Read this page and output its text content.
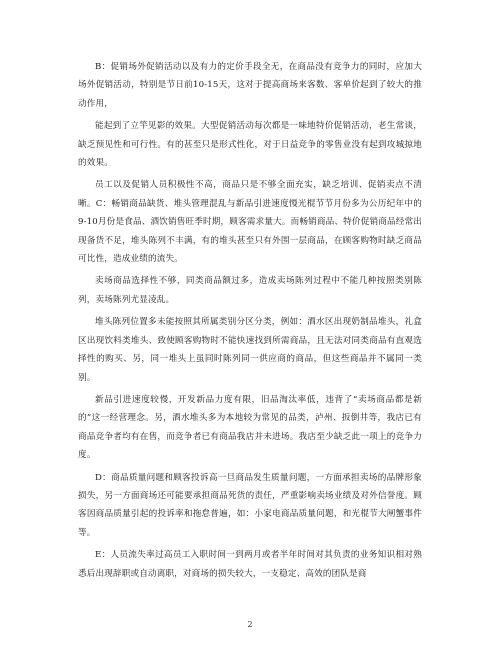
B：促销场外促销活动以及有力的定价手段全无，在商品没有竞争力的同时，应加大场外促销活动，特别是节日前10-15天，这对于提高商场来客数、客单价起到了较大的推动作用，

能起到了立竿见影的效果。大型促销活动每次都是一味地特价促销活动，老生常谈，缺乏预见性和可行性。有的甚至只是形式性化，对于日益竞争的零售业没有起到攻城掠地的效果。

员工以及促销人员积极性不高，商品只是不够全面充实，缺乏培训、促销卖点不清晰。C：畅销商品缺货、堆头管理混乱与新品引进速度慢光棍节节月份多为公历纪年中的9-10月份是食品、酒饮销售旺季时期，顾客需求量大。而畅销商品、特价促销商品经常出现备货不足，堆头陈列不丰满，有的堆头甚至只有外围一层商品，在顾客购物时缺乏商品可比性，造成业绩的流失。

卖场商品选择性不够，同类商品额过多，造成卖场陈列过程中不能几种按照类别陈列，卖场陈列尤显凌乱。

堆头陈列位置多未能按照其所属类别分区分类，例如：酒水区出现奶制品堆头，礼盒区出现饮料类堆头、致使顾客购物时不能快速找到所需商品，且无法对同类商品有直观选择性的购买、另，同一堆头上虽同时陈列同一供应商的商品，但这些商品并不属同一类别。

新品引进速度较慢，开发新品力度有限，旧品淘汰率低，违背了“卖场商品都是新的”这一经营理念。另，酒水堆头多为本地较为常见的品类，泸州、扳倒井等，我店已有商品竞争者均有在售，而竞争者已有商品我店并未进场。我店至少缺乏此一项上的竞争力度。

D：商品质量问题和顾客投诉高一旦商品发生质量问题，一方面承担卖场的品牌形象损失，另一方面商场还可能要承担商品死货的责任，严重影响卖场业绩及对外信誉度。顾客因商品质量引起的投诉率和拖怠普遍，如：小家电商品质量问题，和光棍节大闸蟹事件等。

E：人员流失率过高员工入职时间一到两月或者半年时间对其负责的业务知识相对熟悉后出现辞职或自动离职，对商场的损失较大，一支稳定、高效的团队是商

2
